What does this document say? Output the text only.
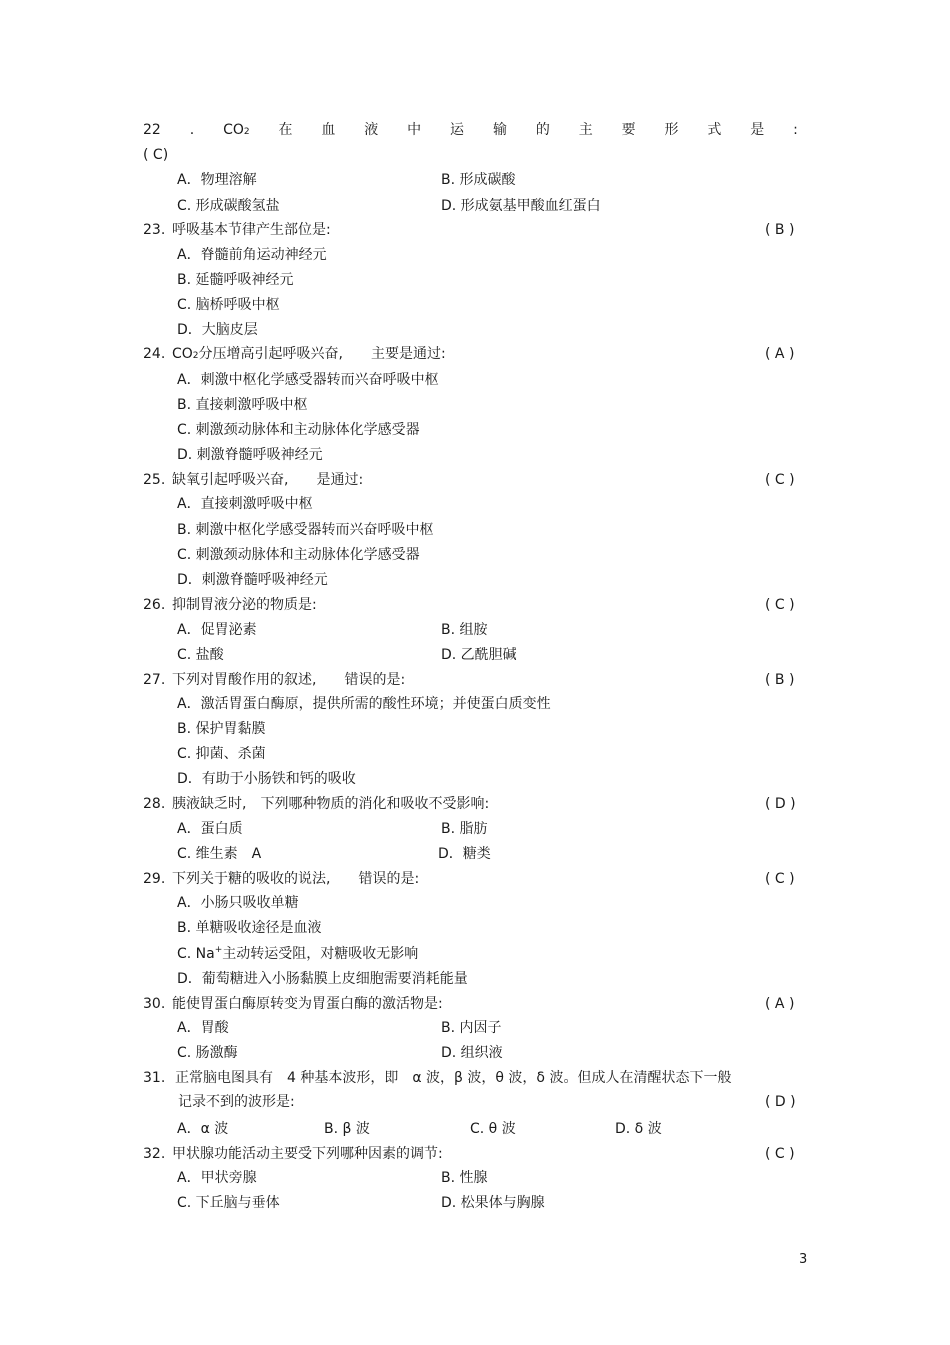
22 . CO2 在 血 液 中 运 输 的 主 要 形 式 是 :
( C)
A．物理溶解	B. 形成碳酸
C. 形成碳酸氢盐	D. 形成氨基甲酸血红蛋白
23. 呼吸基本节律产生部位是:	( B )
A．脊髓前角运动神经元
B. 延髓呼吸神经元
C. 脑桥呼吸中枢
D．大脑皮层
24. CO2分压增高引起呼吸兴奋,　　主要是通过:	( A )
A．刺激中枢化学感受器转而兴奋呼吸中枢
B. 直接刺激呼吸中枢
C. 刺激颈动脉体和主动脉体化学感受器
D. 刺激脊髓呼吸神经元
25. 缺氧引起呼吸兴奋,　　是通过:	( C )
A．直接刺激呼吸中枢
B. 刺激中枢化学感受器转而兴奋呼吸中枢
C. 刺激颈动脉体和主动脉体化学感受器
D．刺激脊髓呼吸神经元
26. 抑制胃液分泌的物质是:	( C )
A．促胃泌素	B. 组胺
C. 盐酸	D. 乙酰胆碱
27. 下列对胃酸作用的叙述,　　错误的是:	( B )
A．激活胃蛋白酶原，提供所需的酸性环境；并使蛋白质变性
B. 保护胃黏膜
C. 抑菌、杀菌
D．有助于小肠铁和钙的吸收
28. 胰液缺乏时,　下列哪种物质的消化和吸收不受影响:	( D )
A．蛋白质	B. 脂肪
C. 维生素　A	D．糖类
29. 下列关于糖的吸收的说法,　　错误的是:	( C )
A．小肠只吸收单糖
B. 单糖吸收途径是血液
C. Na+主动转运受阻，对糖吸收无影响
D．葡萄糖进入小肠黏膜上皮细胞需要消耗能量
30. 能使胃蛋白酶原转变为胃蛋白酶的激活物是:	( A )
A．胃酸	B. 内因子
C. 肠激酶	D. 组织液
31. 正常脑电图具有　4 种基本波形，即　α 波，β 波，θ 波，δ 波。但成人在清醒状态下一般
记录不到的波形是:	( D )
A．α 波	B. β 波	C. θ 波	D. δ 波
32. 甲状腺功能活动主要受下列哪种因素的调节:	( C )
A．甲状旁腺	B. 性腺
C. 下丘脑与垂体	D. 松果体与胸腺
3
